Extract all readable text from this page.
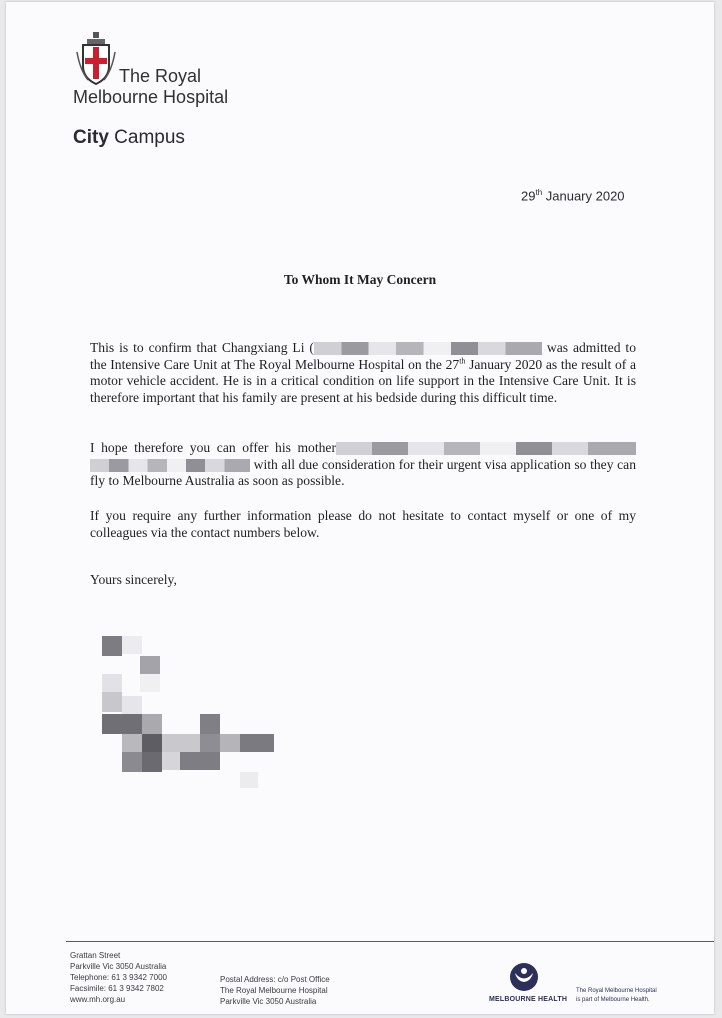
The Royal
Melbourne Hospital
City Campus
29th January 2020
To Whom It May Concern
This is to confirm that Changxiang Li (	was admitted to the Intensive Care Unit at The Royal Melbourne Hospital on the 27th January 2020 as the result of a motor vehicle accident. He is in a critical condition on life support in the Intensive Care Unit. It is therefore important that his family are present at his bedside during this difficult time.
I hope therefore you can offer his mother  with all due consideration for their urgent visa application so they can fly to Melbourne Australia as soon as possible.
If you require any further information please do not hesitate to contact myself or one of my colleagues via the contact numbers below.
Yours sincerely,
Grattan Street
Parkville Vic 3050 Australia
Telephone: 61 3 9342 7000
Facsimile: 61 3 9342 7802
www.mh.org.au
Postal Address: c/o Post Office
The Royal Melbourne Hospital
Parkville Vic 3050 Australia	MELBOURNE HEALTH
The Royal Melbourne Hospital
is part of Melbourne Health.
